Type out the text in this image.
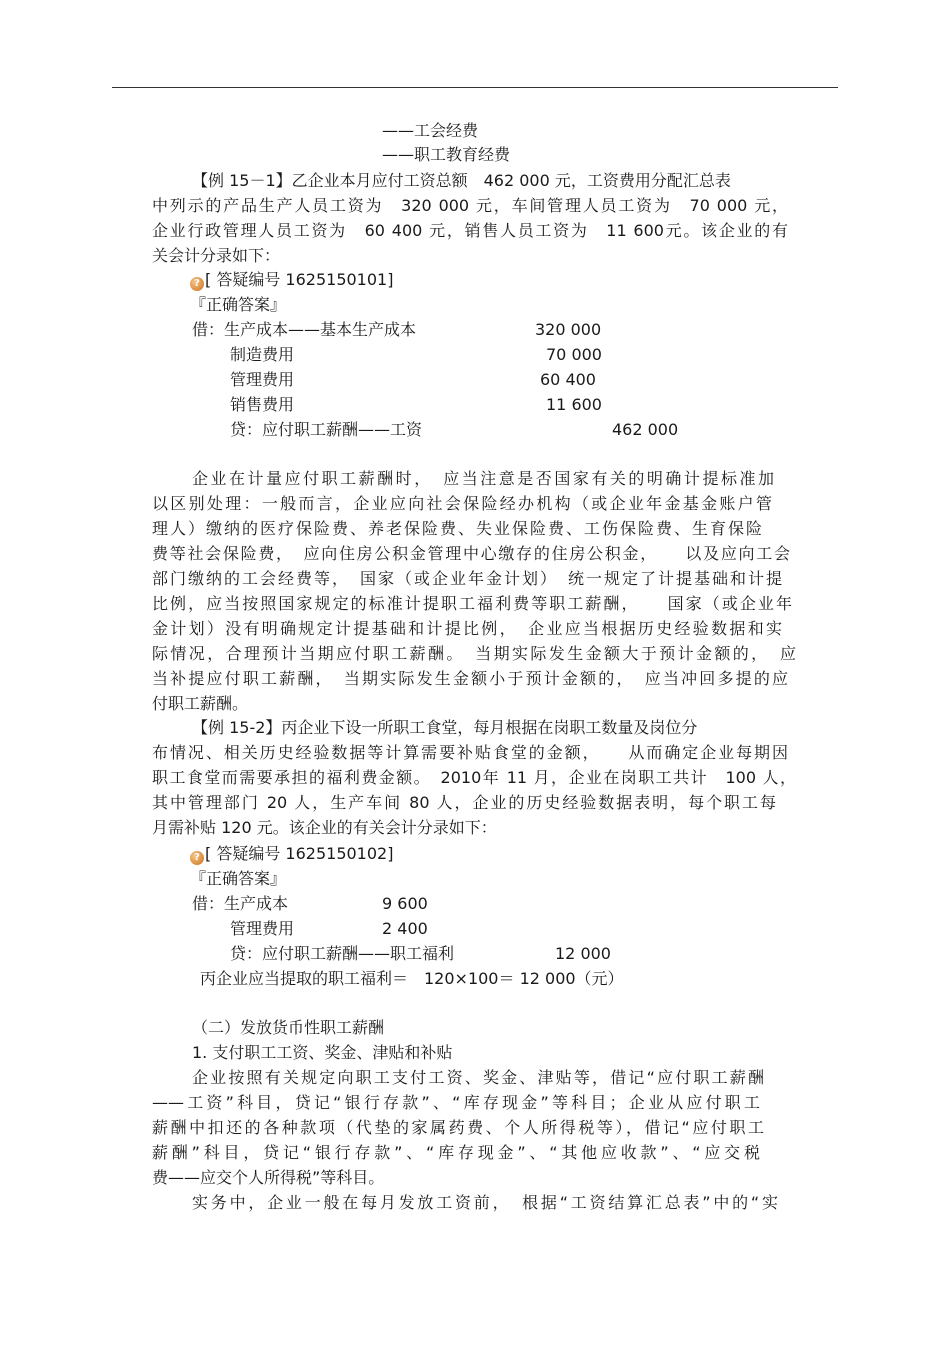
——工会经费
——职工教育经费
【例 15－1】乙企业本月应付工资总额　462 000 元，工资费用分配汇总表
中列示的产品生产人员工资为　320 000 元，车间管理人员工资为　70 000 元，
企业行政管理人员工资为　60 400 元，销售人员工资为　11 600元。该企业的有
关会计分录如下：
? [ 答疑编号 1625150101]
『正确答案』
借：生产成本——基本生产成本	320 000
制造费用	70 000
管理费用	60 400
销售费用	11 600
贷：应付职工薪酬——工资	462 000
企业在计量应付职工薪酬时，　应当注意是否国家有关的明确计提标准加
以区别处理：一般而言，企业应向社会保险经办机构（或企业年金基金账户管
理人）缴纳的医疗保险费、养老保险费、失业保险费、工伤保险费、生育保险
费等社会保险费，　应向住房公积金管理中心缴存的住房公积金，　　以及应向工会
部门缴纳的工会经费等，　国家（或企业年金计划）　统一规定了计提基础和计提
比例，应当按照国家规定的标准计提职工福利费等职工薪酬，　　国家（或企业年
金计划）没有明确规定计提基础和计提比例，　企业应当根据历史经验数据和实
际情况，合理预计当期应付职工薪酬。　当期实际发生金额大于预计金额的，　应
当补提应付职工薪酬，　当期实际发生金额小于预计金额的，　应当冲回多提的应
付职工薪酬。
【例 15-2】丙企业下设一所职工食堂，每月根据在岗职工数量及岗位分
布情况、相关历史经验数据等计算需要补贴食堂的金额，　　从而确定企业每期因
职工食堂而需要承担的福利费金额。　2010年 11 月，企业在岗职工共计　100 人，
其中管理部门 20 人，生产车间 80 人，企业的历史经验数据表明，每个职工每
月需补贴 120 元。该企业的有关会计分录如下：
? [ 答疑编号 1625150102]
『正确答案』
借：生产成本	9 600
管理费用	2 400
贷：应付职工薪酬——职工福利	12 000
丙企业应当提取的职工福利＝　120×100＝ 12 000（元）
（二）发放货币性职工薪酬
1. 支付职工工资、奖金、津贴和补贴
企业按照有关规定向职工支付工资、奖金、津贴等，借记“应付职工薪酬
——工资”科目，贷记“银行存款”、“库存现金”等科目；企业从应付职工
薪酬中扣还的各种款项（代垫的家属药费、个人所得税等），借记“应付职工
薪酬”科目，贷记“银行存款”、“库存现金”、“其他应收款”、“应交税
费——应交个人所得税”等科目。
实务中，企业一般在每月发放工资前，　根据“工资结算汇总表”中的“实
